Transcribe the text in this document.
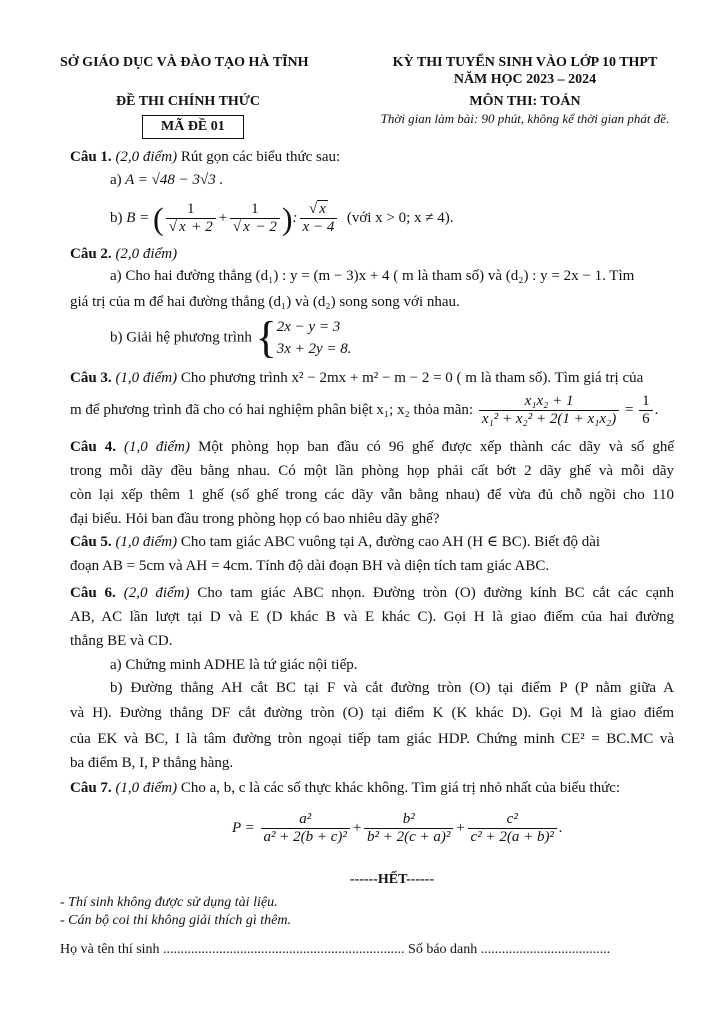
SỞ GIÁO DỤC VÀ ĐÀO TẠO HÀ TĨNH	KỲ THI TUYỂN SINH VÀO LỚP 10 THPT
NĂM HỌC 2023 – 2024
ĐỀ THI CHÍNH THỨC	MÔN THI: TOÁN
MÃ ĐỀ 01
Thời gian làm bài: 90 phút, không kể thời gian phát đề.
Câu 1. (2,0 điểm) Rút gọn các biểu thức sau:
a) A = √48 − 3√3 .
b) B = ( $\frac{1}{√ x + 2} + \frac{1}{√ x - 2}$ ): $\frac{√ x}{x - 4}$ (với x > 0; x ≠ 4).
Câu 2. (2,0 điểm)
a) Cho hai đường thẳng (d₁) : y = (m − 3)x + 4 ( m là tham số) và (d₂) : y = 2x − 1. Tìm
giá trị của m để hai đường thẳng (d₁) và (d₂) song song với nhau.
b) Giải hệ phương trình { 2x − y = 3
3x + 2y = 8.
Câu 3. (1,0 điểm) Cho phương trình x² − 2mx + m² − m − 2 = 0 ( m là tham số). Tìm giá trị của
m để phương trình đã cho có hai nghiệm phân biệt x₁; x₂ thỏa mãn: $\frac{\text{x₁x₂ + 1}}{\text{x₁² + x₂² + 2(1 + x₁x₂)}} = \frac{1}{6}$ .
Câu 4. (1,0 điểm) Một phòng họp ban đầu có 96 ghế được xếp thành các dãy và số ghế
trong mỗi dãy đều bằng nhau. Có một lần phòng họp phải cất bớt 2 dãy ghế và mỗi dãy
còn lại xếp thêm 1 ghế (số ghế trong các dãy vẫn bằng nhau) để vừa đủ chỗ ngồi cho 110
đại biểu. Hỏi ban đầu trong phòng họp có bao nhiêu dãy ghế?
Câu 5. (1,0 điểm) Cho tam giác ABC vuông tại A, đường cao AH (H ∈ BC). Biết độ dài
đoạn AB = 5cm và AH = 4cm. Tính độ dài đoạn BH và diện tích tam giác ABC.
Câu 6. (2,0 điểm) Cho tam giác ABC nhọn. Đường tròn (O) đường kính BC cắt các cạnh
AB, AC lần lượt tại D và E (D khác B và E khác C). Gọi H là giao điểm của hai đường
thẳng BE và CD.
a) Chứng minh ADHE là tứ giác nội tiếp.
b) Đường thẳng AH cắt BC tại F và cắt đường tròn (O) tại điểm P (P nằm giữa A
và H). Đường thẳng DF cắt đường tròn (O) tại điểm K (K khác D). Gọi M là giao điểm
của EK và BC, I là tâm đường tròn ngoại tiếp tam giác HDP. Chứng minh CE² = BC.MC và
ba điểm B, I, P thẳng hàng.
Câu 7. (1,0 điểm) Cho a, b, c là các số thực khác không. Tìm giá trị nhỏ nhất của biểu thức:
$P = \frac{\text{a²}}{\text{a² + 2(b + c)²}} + \frac{\text{b²}}{\text{b² + 2(c + a)²}} + \frac{\text{c²}}{\text{c² + 2(a + b)²}}$ .
------HẾT------
- Thí sinh không được sử dụng tài liệu.
- Cán bộ coi thi không giải thích gì thêm.
Họ và tên thí sinh ..................................................................... Số báo danh .....................................
